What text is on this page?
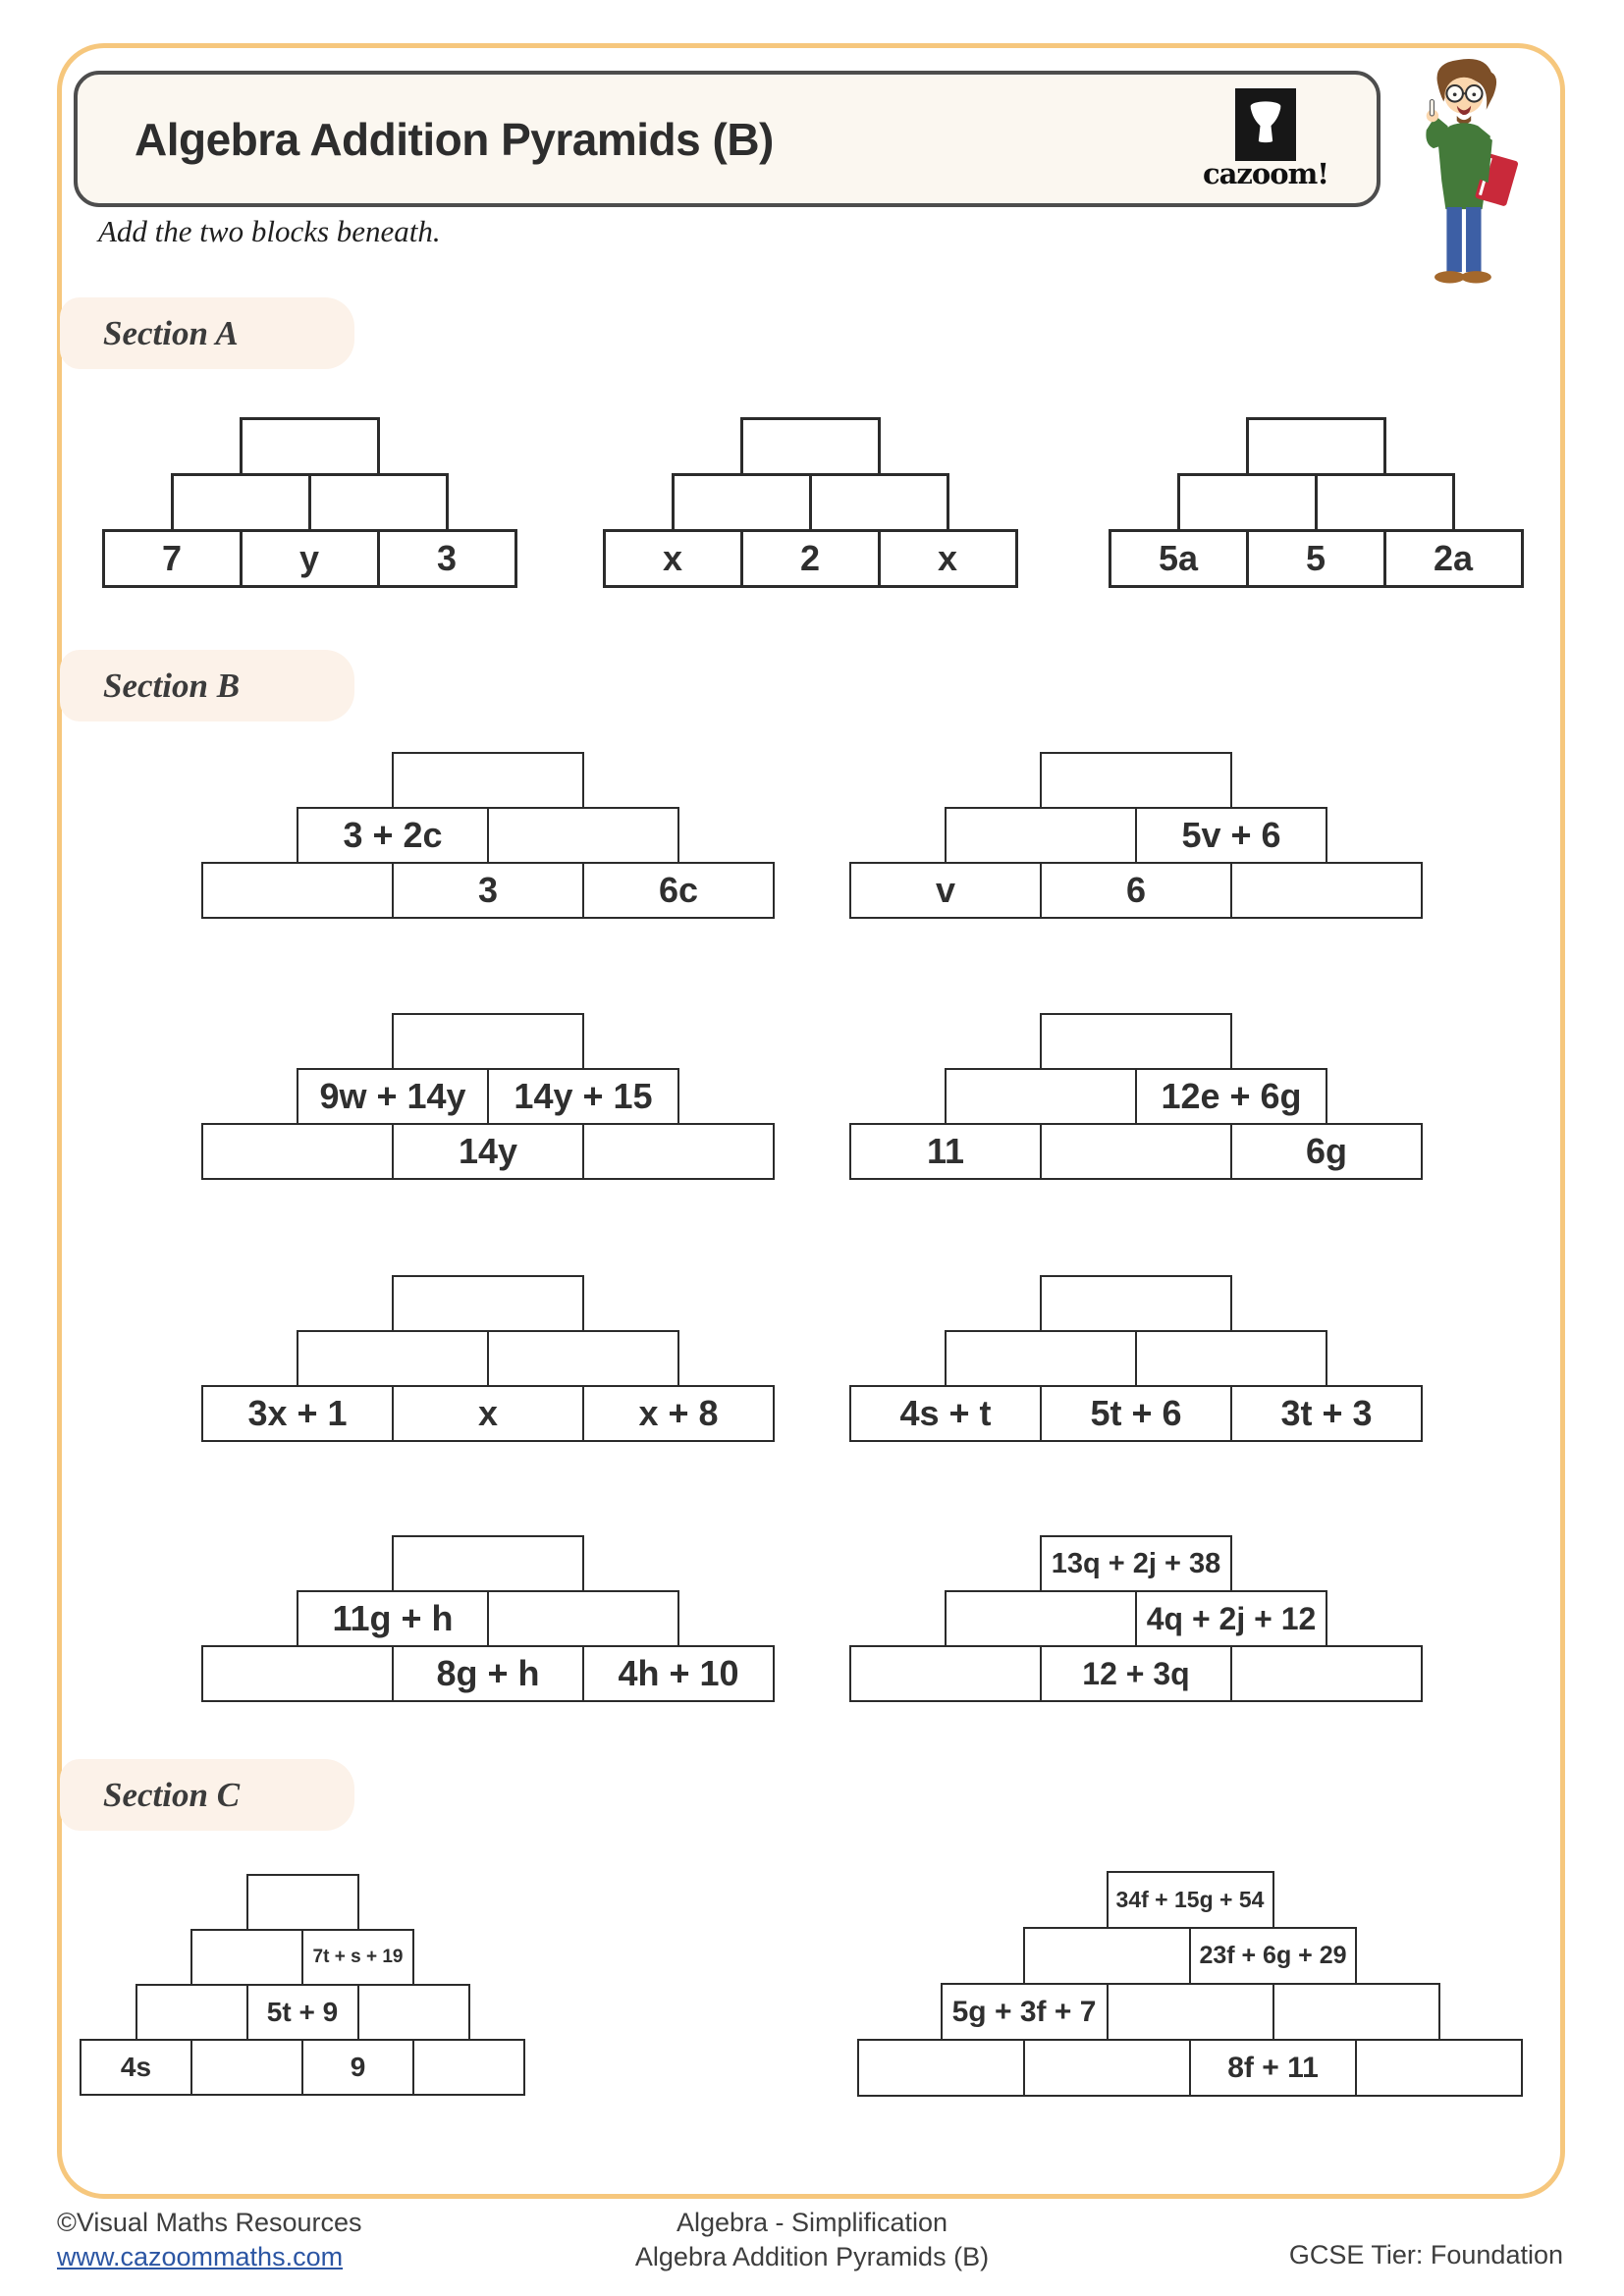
Algebra Addition Pyramids (B)
cazoom!

Add the two blocks beneath.

Section A
Section B
Section C
7	y	3	x	2	x	5a	5	2a
3 + 2c
3	6c
5v + 6
v	6
9w + 14y	14y + 15
14y
12e + 6g
11	6g
3x + 1	x	x + 8	4s + t	5t + 6	3t + 3
11g + h
8g + h	4h + 10
13q + 2j + 38
4q + 2j + 12
12 + 3q
7t + s + 19
5t + 9
4s	9
34f + 15g + 54
23f + 6g + 29
5g + 3f + 7
8f + 11
©Visual Maths Resources
www.cazoommaths.com
Algebra - Simplification
Algebra Addition Pyramids (B)	GCSE Tier: Foundation
